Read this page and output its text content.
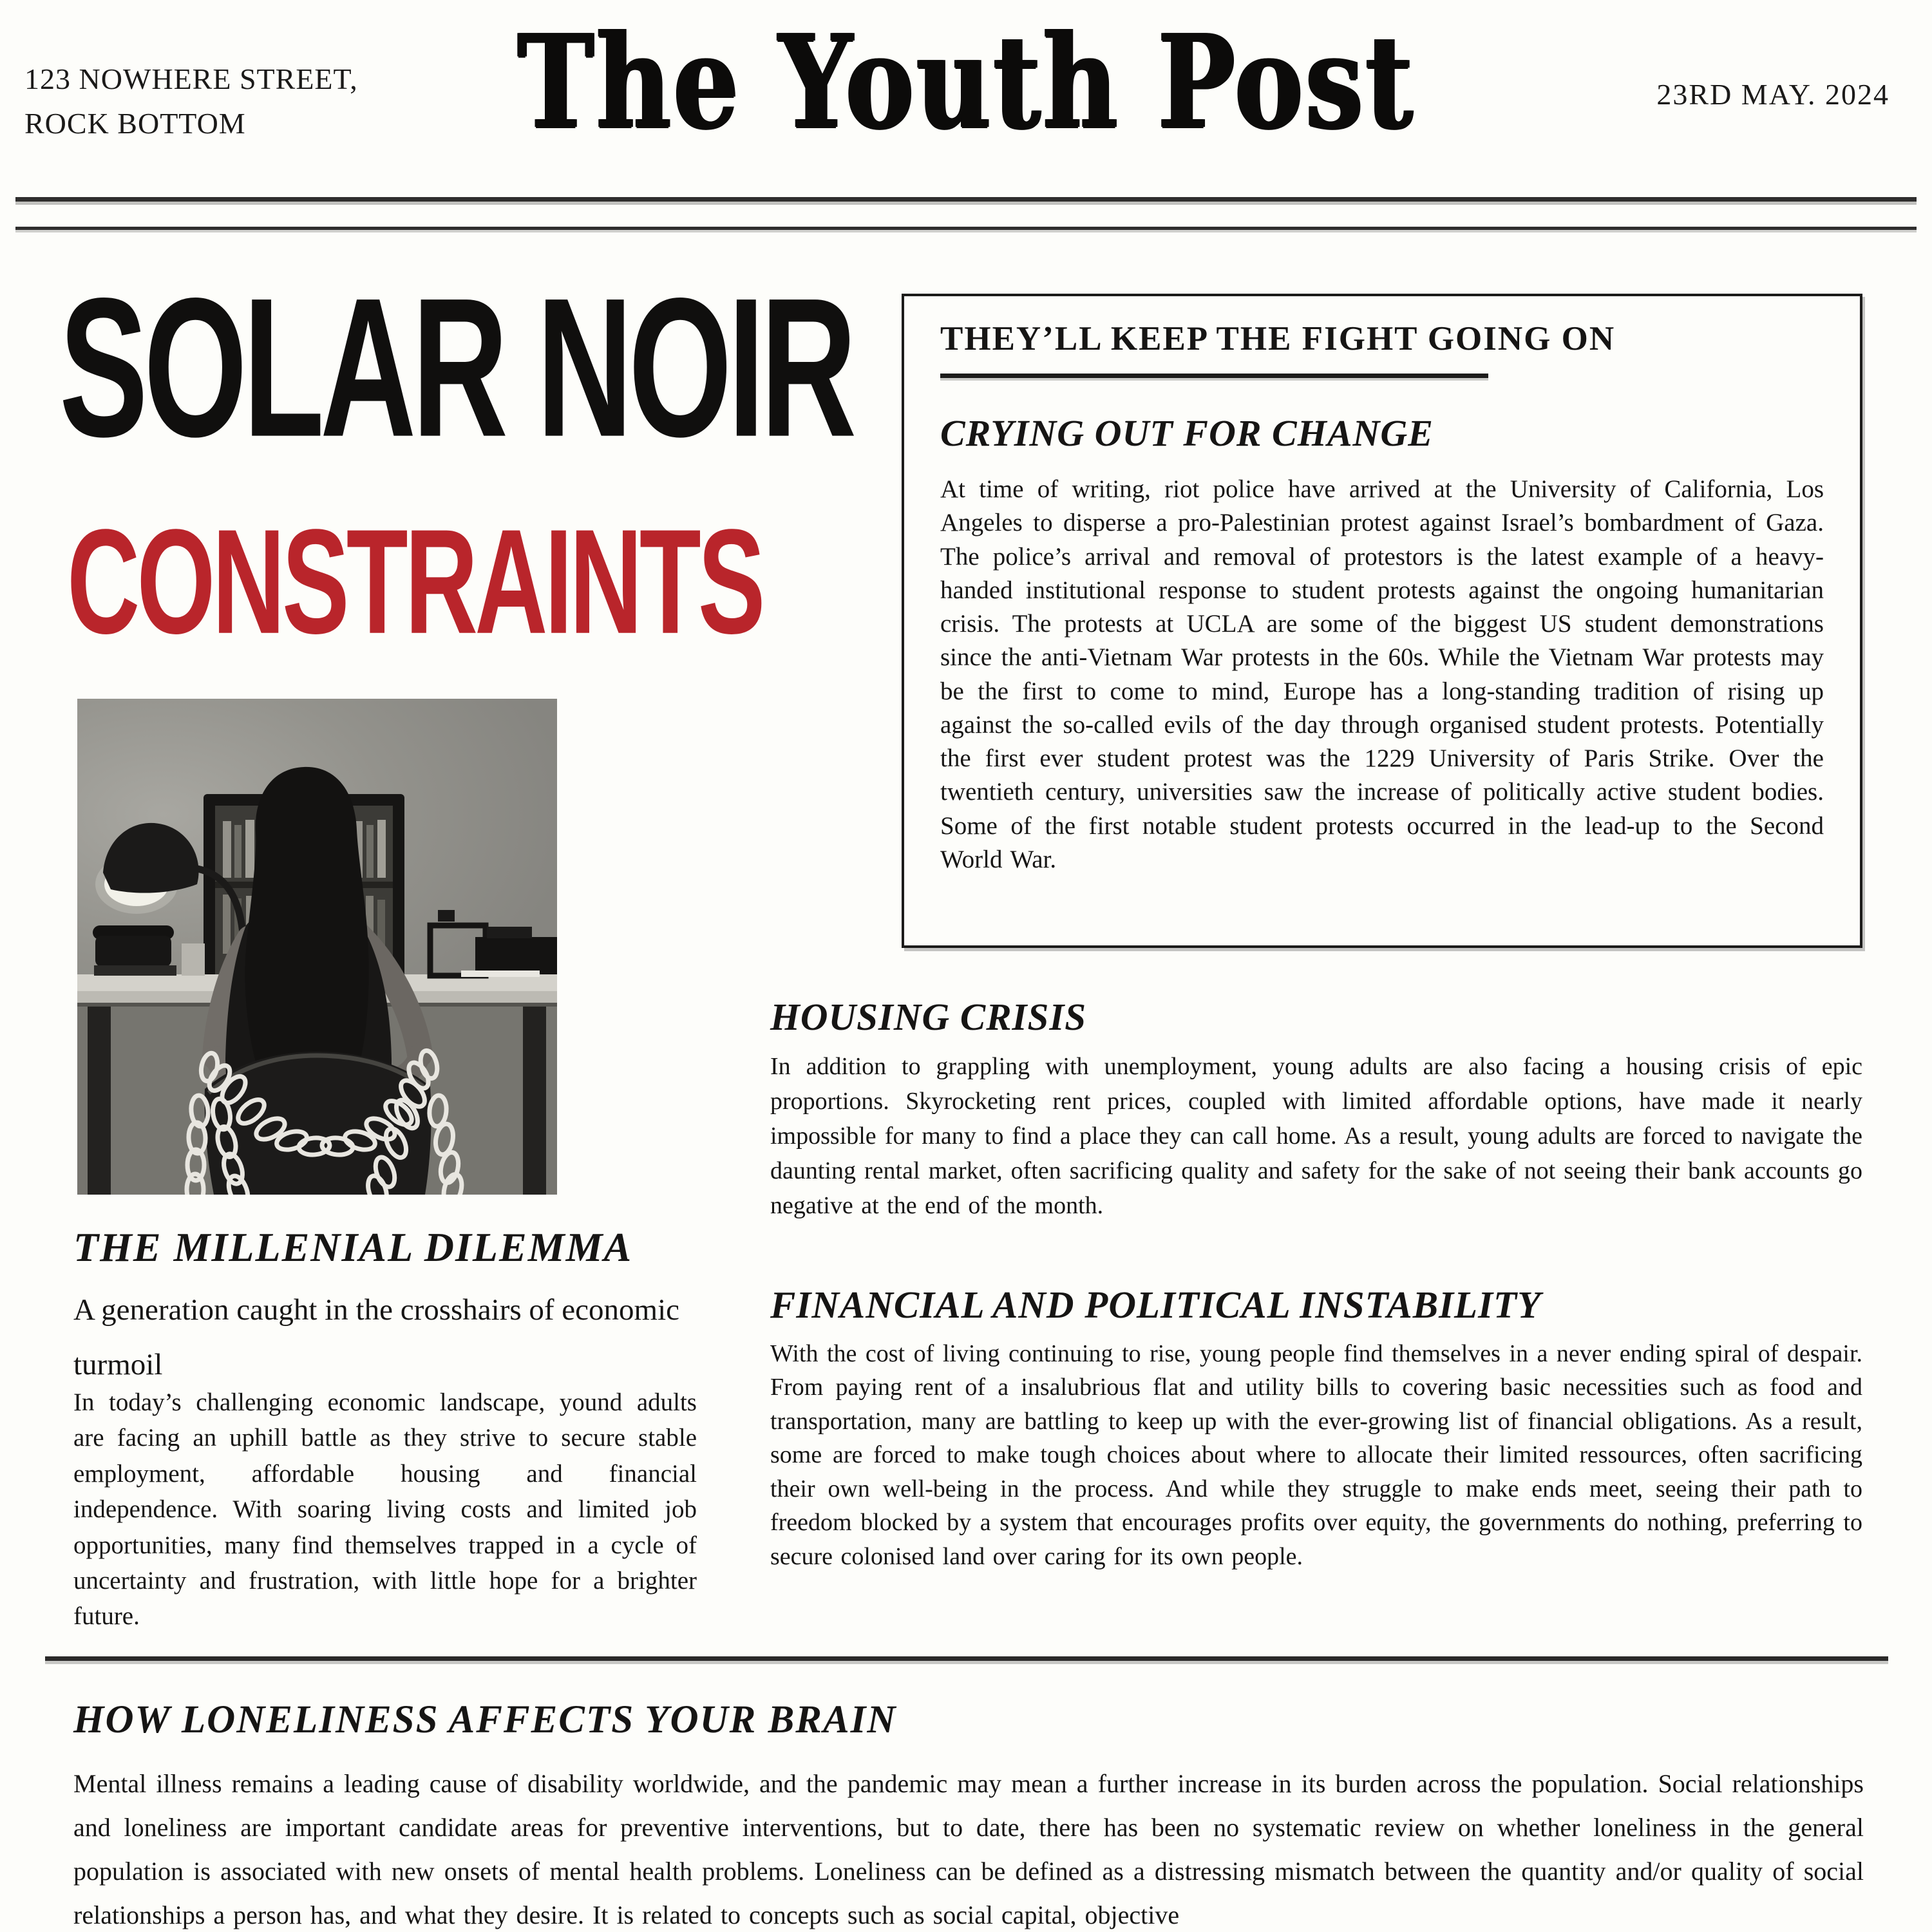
123 NOWHERE STREET,
ROCK BOTTOM	The Youth Post	23RD MAY. 2024
SOLAR NOIR
CONSTRAINTS
THE MILLENIAL DILEMMA
A generation caught in the crosshairs of economic turmoil
In today’s challenging economic landscape, yound adults are facing an uphill battle as they strive to secure stable employment, affordable housing and financial independence. With soaring living costs and limited job opportunities, many find themselves trapped in a cycle of uncertainty and frustration, with little hope for a brighter future.
THEY’LL KEEP THE FIGHT GOING ON
CRYING OUT FOR CHANGE
At time of writing, riot police have arrived at the University of California, Los Angeles to disperse a pro-Palestinian protest against Israel’s bombardment of Gaza. The police’s arrival and removal of protestors is the latest example of a heavy-handed institutional response to student protests against the ongoing humanitarian crisis. The protests at UCLA are some of the biggest US student demonstrations since the anti-Vietnam War protests in the 60s. While the Vietnam War protests may be the first to come to mind, Europe has a long-standing tradition of rising up against the so-called evils of the day through organised student protests. Potentially the first ever student protest was the 1229 University of Paris Strike. Over the twentieth century, universities saw the increase of politically active student bodies. Some of the first notable student protests occurred in the lead-up to the Second World War.
HOUSING CRISIS
In addition to grappling with unemployment, young adults are also facing a housing crisis of epic proportions. Skyrocketing rent prices, coupled with limited affordable options, have made it nearly impossible for many to find a place they can call home. As a result, young adults are forced to navigate the daunting rental market, often sacrificing quality and safety for the sake of not seeing their bank accounts go negative at the end of the month.
FINANCIAL AND POLITICAL INSTABILITY
With the cost of living continuing to rise, young people find themselves in a never ending spiral of despair. From paying rent of a insalubrious flat and utility bills to covering basic necessities such as food and transportation, many are battling to keep up with the ever-growing list of financial obligations. As a result, some are forced to make tough choices about where to allocate their limited ressources, often sacrificing their own well-being in the process. And while they struggle to make ends meet, seeing their path to freedom blocked by a system that encourages profits over equity, the governments do nothing, preferring to secure colonised land over caring for its own people.
HOW LONELINESS AFFECTS YOUR BRAIN
Mental illness remains a leading cause of disability worldwide, and the pandemic may mean a further increase in its burden across the population. Social relationships and loneliness are important candidate areas for preventive interventions, but to date, there has been no systematic review on whether loneliness in the general population is associated with new onsets of mental health problems. Loneliness can be defined as a distressing mismatch between the quantity and/or quality of social relationships a person has, and what they desire. It is related to concepts such as social capital, objective
